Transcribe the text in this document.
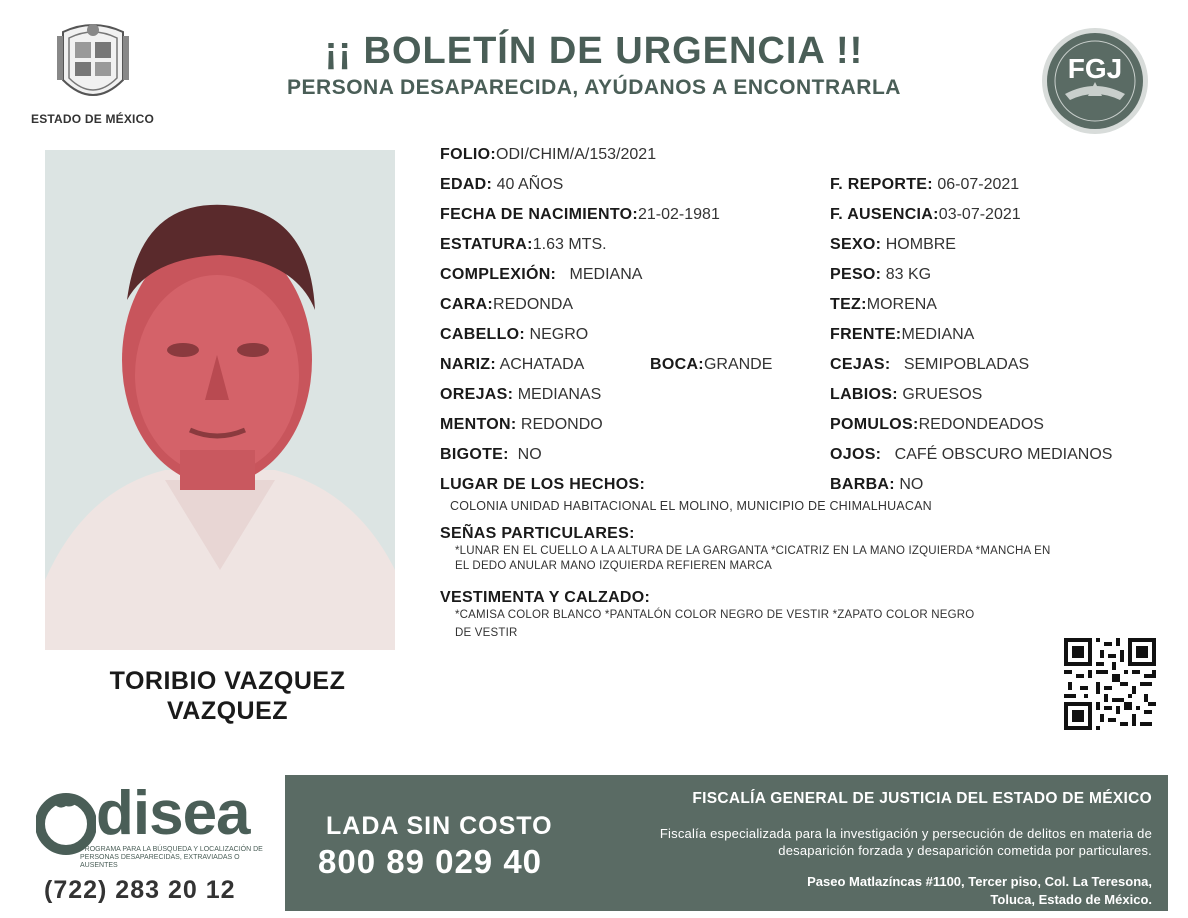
ESTADO DE MÉXICO
¡¡ BOLETÍN DE URGENCIA !!
PERSONA DESAPARECIDA, AYÚDANOS A ENCONTRARLA
FGJ
TORIBIO VAZQUEZ
VAZQUEZ
FOLIO:ODI/CHIM/A/153/2021
EDAD: 40 AÑOS
FECHA DE NACIMIENTO:21-02-1981
ESTATURA:1.63 MTS.
COMPLEXIÓN: MEDIANA
CARA:REDONDA
CABELLO: NEGRO
NARIZ: ACHATADA	BOCA:GRANDE
OREJAS: MEDIANAS
MENTON: REDONDO
BIGOTE: NO
LUGAR DE LOS HECHOS:
COLONIA UNIDAD HABITACIONAL EL MOLINO, MUNICIPIO DE CHIMALHUACAN
F. REPORTE: 06-07-2021
F. AUSENCIA:03-07-2021
SEXO: HOMBRE
PESO: 83 KG
TEZ:MORENA
FRENTE:MEDIANA
CEJAS: SEMIPOBLADAS
LABIOS: GRUESOS
POMULOS:REDONDEADOS
OJOS: CAFÉ OBSCURO MEDIANOS
BARBA: NO
SEÑAS PARTICULARES:
*LUNAR EN EL CUELLO A LA ALTURA DE LA GARGANTA *CICATRIZ EN LA MANO IZQUIERDA *MANCHA EN
EL DEDO ANULAR MANO IZQUIERDA REFIEREN MARCA
VESTIMENTA Y CALZADO:
*CAMISA COLOR BLANCO *PANTALÓN COLOR NEGRO DE VESTIR *ZAPATO COLOR NEGRO
DE VESTIR
disea
PROGRAMA PARA LA BÚSQUEDA Y LOCALIZACIÓN DE PERSONAS DESAPARECIDAS, EXTRAVIADAS O AUSENTES
(722) 283 20 12
LADA SIN COSTO
800 89 029 40
FISCALÍA GENERAL DE JUSTICIA DEL ESTADO DE MÉXICO
Fiscalía especializada para la investigación y persecución de delitos en materia de desaparición forzada y desaparición cometida por particulares.
Paseo Matlazíncas #1100, Tercer piso, Col. La Teresona,
Toluca, Estado de México.
